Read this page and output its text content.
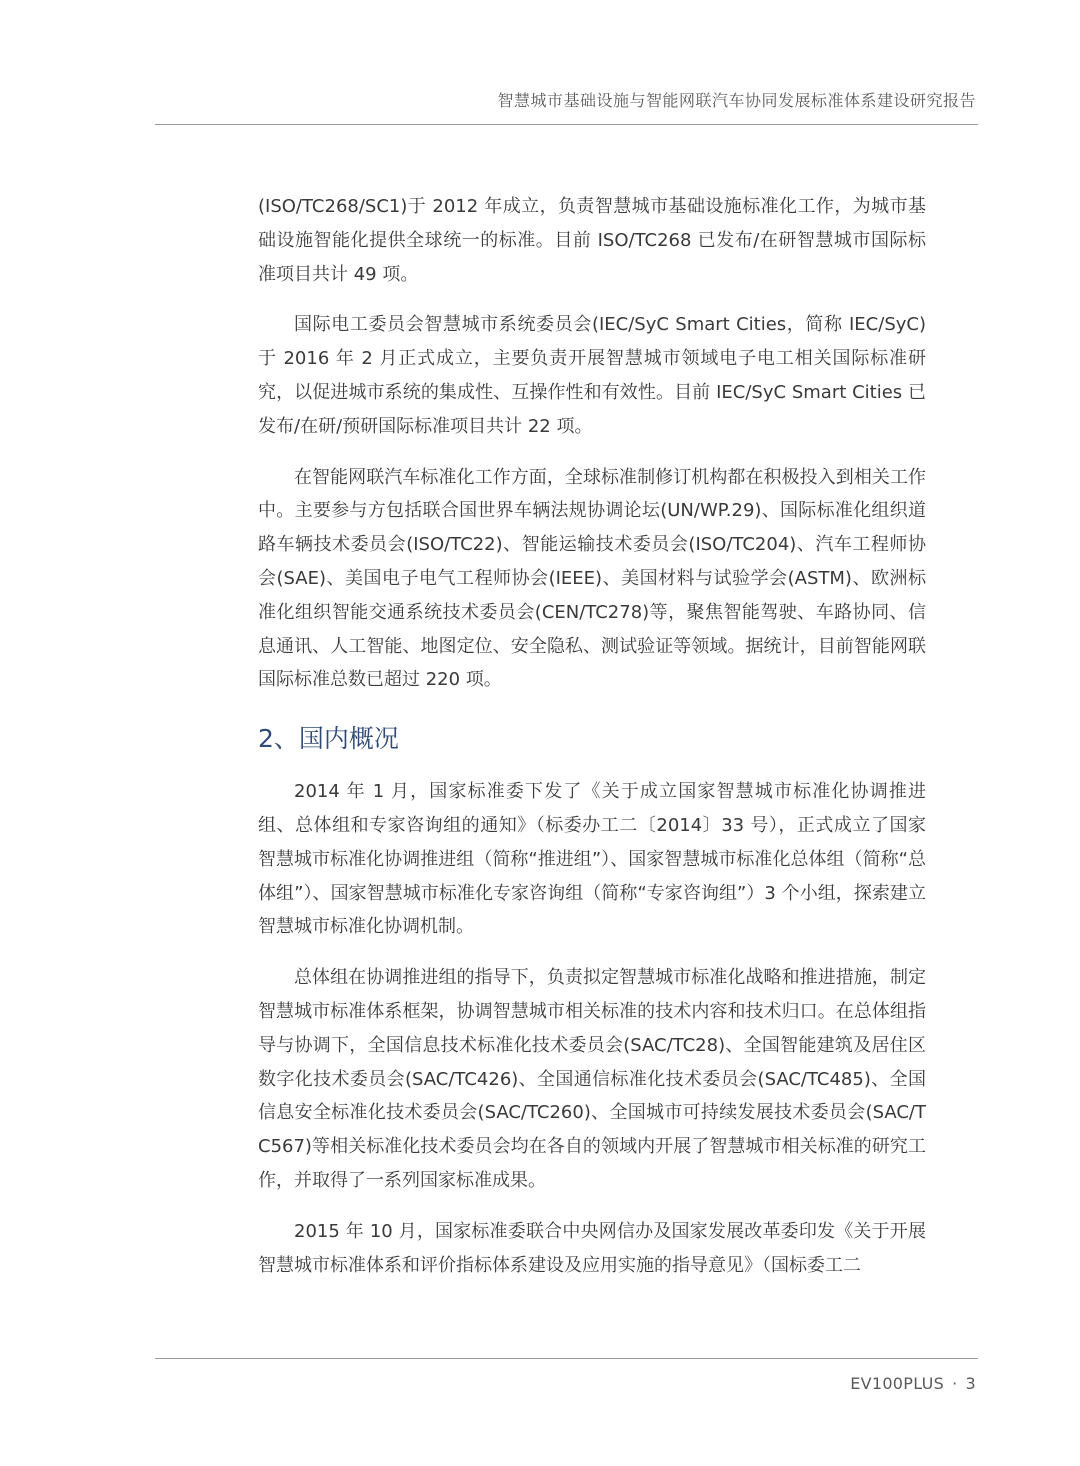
智慧城市基础设施与智能网联汽车协同发展标准体系建设研究报告

(ISO/TC268/SC1)于 2012 年成立，负责智慧城市基础设施标准化工作，为城市基础设施智能化提供全球统一的标准。目前 ISO/TC268 已发布/在研智慧城市国际标准项目共计 49 项。

国际电工委员会智慧城市系统委员会(IEC/SyC Smart Cities，简称 IEC/SyC)于 2016 年 2 月正式成立，主要负责开展智慧城市领域电子电工相关国际标准研究，以促进城市系统的集成性、互操作性和有效性。目前 IEC/SyC Smart Cities 已发布/在研/预研国际标准项目共计 22 项。

在智能网联汽车标准化工作方面，全球标准制修订机构都在积极投入到相关工作中。主要参与方包括联合国世界车辆法规协调论坛(UN/WP.29)、国际标准化组织道路车辆技术委员会(ISO/TC22)、智能运输技术委员会(ISO/TC204)、汽车工程师协会(SAE)、美国电子电气工程师协会(IEEE)、美国材料与试验学会(ASTM)、欧洲标准化组织智能交通系统技术委员会(CEN/TC278)等，聚焦智能驾驶、车路协同、信息通讯、人工智能、地图定位、安全隐私、测试验证等领域。据统计，目前智能网联国际标准总数已超过 220 项。

2、国内概况

2014 年 1 月，国家标准委下发了《关于成立国家智慧城市标准化协调推进组、总体组和专家咨询组的通知》（标委办工二〔2014〕33 号），正式成立了国家智慧城市标准化协调推进组（简称“推进组”）、国家智慧城市标准化总体组（简称“总体组”）、国家智慧城市标准化专家咨询组（简称“专家咨询组”）3 个小组，探索建立智慧城市标准化协调机制。

总体组在协调推进组的指导下，负责拟定智慧城市标准化战略和推进措施，制定智慧城市标准体系框架，协调智慧城市相关标准的技术内容和技术归口。在总体组指导与协调下，全国信息技术标准化技术委员会(SAC/TC28)、全国智能建筑及居住区数字化技术委员会(SAC/TC426)、全国通信标准化技术委员会(SAC/TC485)、全国信息安全标准化技术委员会(SAC/TC260)、全国城市可持续发展技术委员会(SAC/TC567)等相关标准化技术委员会均在各自的领域内开展了智慧城市相关标准的研究工作，并取得了一系列国家标准成果。

2015 年 10 月，国家标准委联合中央网信办及国家发展改革委印发《关于开展智慧城市标准体系和评价指标体系建设及应用实施的指导意见》（国标委工二

EV100PLUS · 3
